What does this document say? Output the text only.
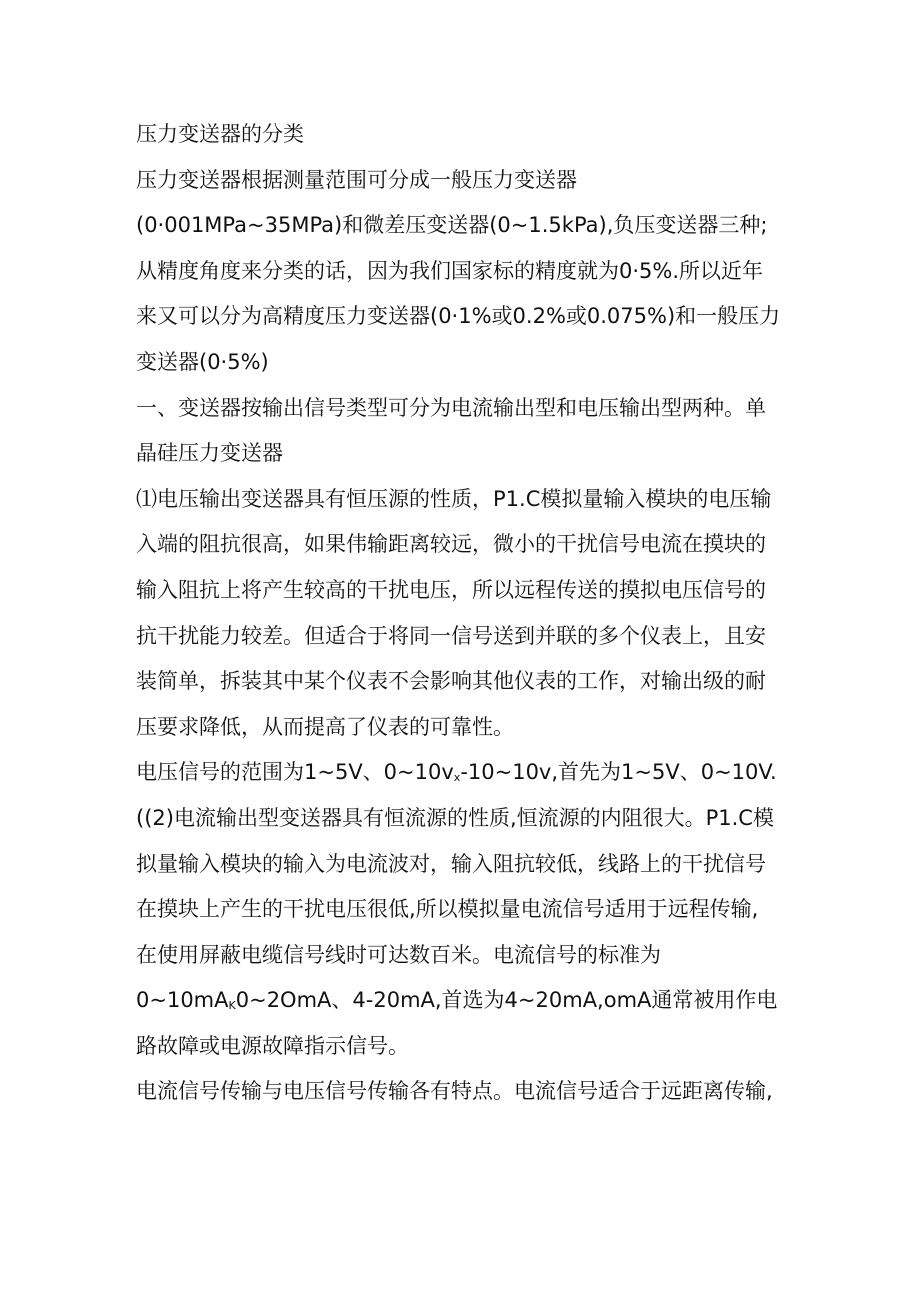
压力变送器的分类
压力变送器根据测量范围可分成一般压力变送器
(0·001MPa~35MPa)和微差压变送器(0~1.5kPa),负压变送器三种;
从精度角度来分类的话，因为我们国家标的精度就为0·5%.所以近年
来又可以分为高精度压力变送器(0·1%或0.2%或0.075%)和一般压力
变送器(0·5%)
一、变送器按输出信号类型可分为电流输出型和电压输出型两种。单
晶硅压力变送器
⑴电压输出变送器具有恒压源的性质，P1.C模拟量输入模块的电压输
入端的阻抗很高，如果伟输距离较远，微小的干扰信号电流在摸块的
输入阻抗上将产生较高的干扰电压，所以远程传送的摸拟电压信号的
抗干扰能力较差。但适合于将同一信号送到并联的多个仪表上，且安
装简单，拆装其中某个仪表不会影响其他仪表的工作，对输出级的耐
压要求降低，从而提高了仪表的可靠性。
电压信号的范围为1~5V、0~10vx-10~10v,首先为1~5V、0~10V.
((2)电流输出型变送器具有恒流源的性质,恒流源的内阻很大。P1.C模
拟量输入模块的输入为电流波对，输入阻抗较低，线路上的干扰信号
在摸块上产生的干扰电压很低,所以模拟量电流信号适用于远程传输,
在使用屏蔽电缆信号线时可达数百米。电流信号的标准为
0~10mAK0~2OmA、4-20mA,首选为4~20mA,omA通常被用作电
路故障或电源故障指示信号。
电流信号传输与电压信号传输各有特点。电流信号适合于远距离传输,
